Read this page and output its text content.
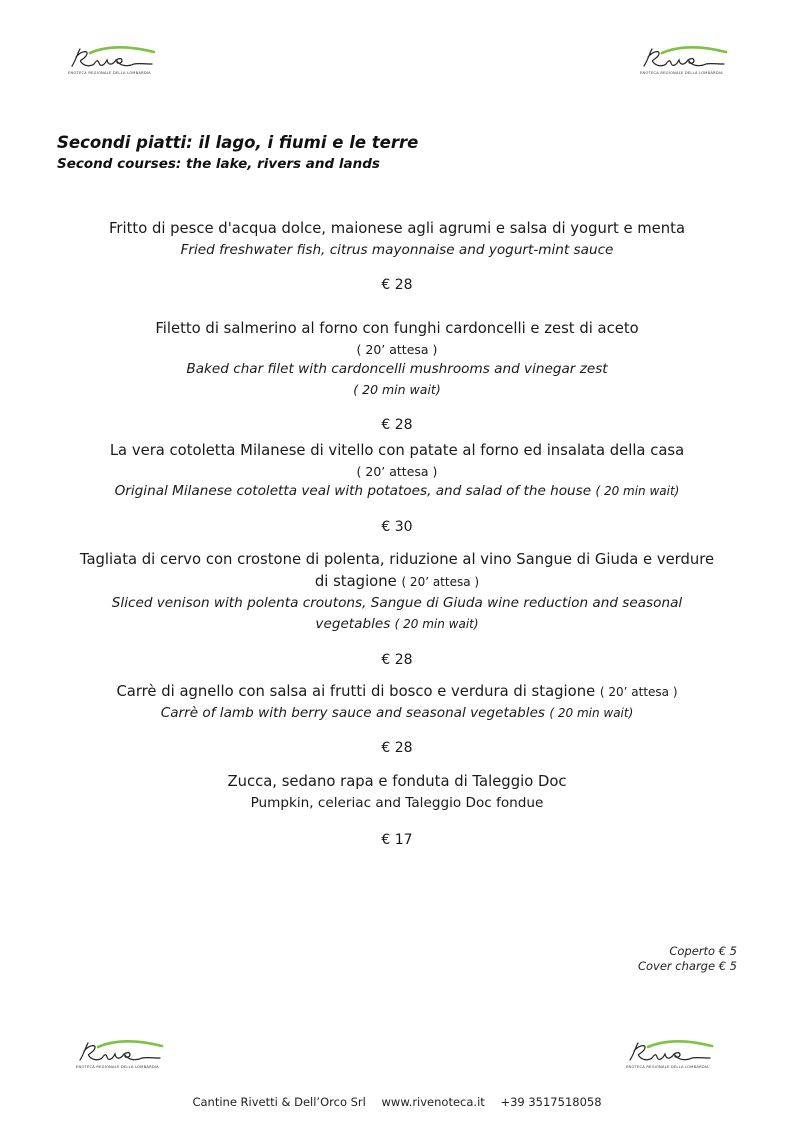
ENOTECA REGIONALE DELLA LOMBARDIA	ENOTECA REGIONALE DELLA LOMBARDIA
Secondi piatti: il lago, i fiumi e le terre
Second courses: the lake, rivers and lands
Fritto di pesce d'acqua dolce, maionese agli agrumi e salsa di yogurt e menta
Fried freshwater fish, citrus mayonnaise and yogurt-mint sauce
€ 28
Filetto di salmerino al forno con funghi cardoncelli e zest di aceto
( 20’ attesa )
Baked char filet with cardoncelli mushrooms and vinegar zest
( 20 min wait)
€ 28
La vera cotoletta Milanese di vitello con patate al forno ed insalata della casa
( 20’ attesa )
Original Milanese cotoletta veal with potatoes, and salad of the house ( 20 min wait)
€ 30
Tagliata di cervo con crostone di polenta, riduzione al vino Sangue di Giuda e verdure
di stagione ( 20’ attesa )
Sliced venison with polenta croutons, Sangue di Giuda wine reduction and seasonal
vegetables ( 20 min wait)
€ 28
Carrè di agnello con salsa ai frutti di bosco e verdura di stagione ( 20’ attesa )
Carrè of lamb with berry sauce and seasonal vegetables ( 20 min wait)
€ 28
Zucca, sedano rapa e fonduta di Taleggio Doc
Pumpkin, celeriac and Taleggio Doc fondue
€ 17
Coperto € 5
Cover charge € 5
ENOTECA REGIONALE DELLA LOMBARDIA	ENOTECA REGIONALE DELLA LOMBARDIA
Cantine Rivetti & Dell’Orco Srl www.rivenoteca.it +39 3517518058
